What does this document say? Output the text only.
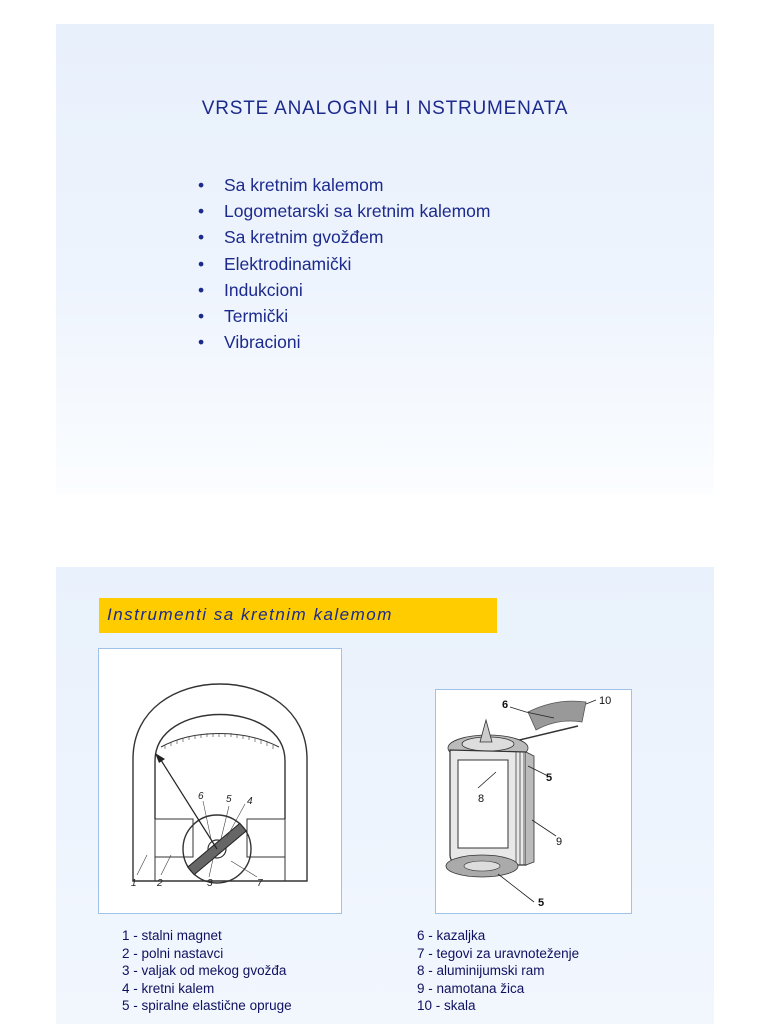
VRSTE ANALOGNI H I NSTRUMENATA
• Sa kretnim kalemom
• Logometarski sa kretnim kalemom
• Sa kretnim gvožđem
• Elektrodinamički
• Indukcioni
• Termički
• Vibracioni
Instrumenti sa kretnim kalemom
1 2	3
4
5
6
7
5
5
6
8
9
10
1 - stalni magnet
2 - polni nastavci
3 - valjak od mekog gvožđa
4 - kretni kalem
5 - spiralne elastične opruge
6 - kazaljka
7 - tegovi za uravnoteženje
8 - aluminijumski ram
9 - namotana žica
10 - skala
